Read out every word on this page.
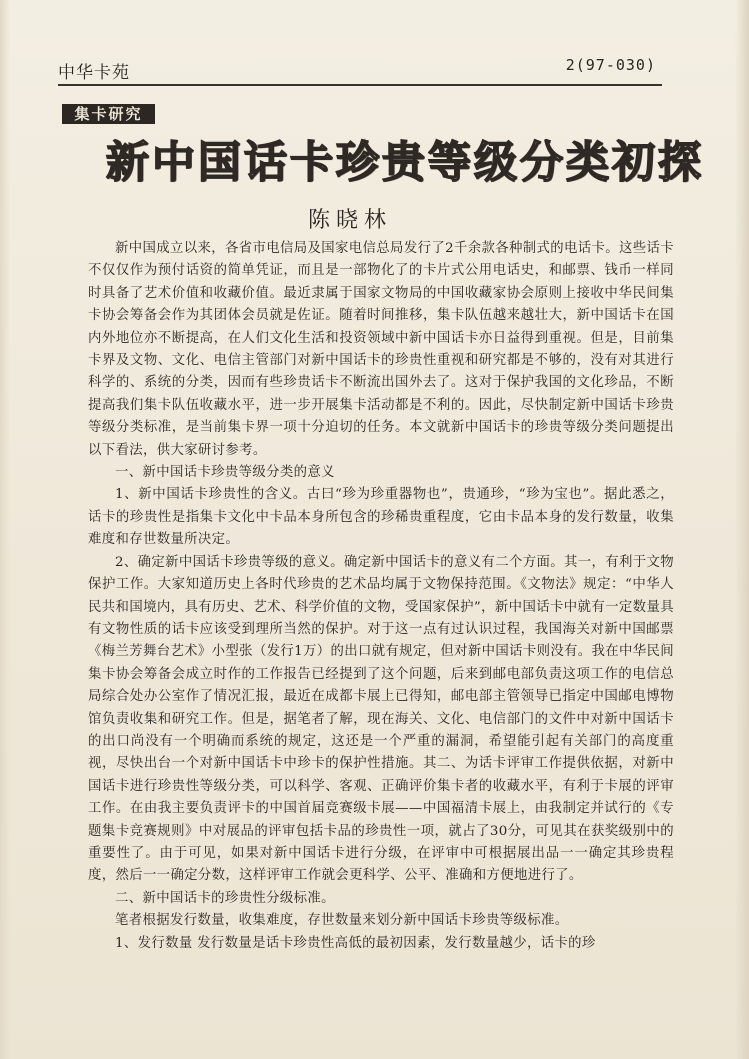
中华卡苑	2(97-030)
集卡研究
新中国话卡珍贵等级分类初探
陈晓林

新中国成立以来，各省市电信局及国家电信总局发行了2千余款各种制式的电话卡。这些话卡不仅仅作为预付话资的简单凭证，而且是一部物化了的卡片式公用电话史，和邮票、钱币一样同时具备了艺术价值和收藏价值。最近隶属于国家文物局的中国收藏家协会原则上接收中华民间集卡协会筹备会作为其团体会员就是佐证。随着时间推移，集卡队伍越来越壮大，新中国话卡在国内外地位亦不断提高，在人们文化生活和投资领域中新中国话卡亦日益得到重视。但是，目前集卡界及文物、文化、电信主管部门对新中国话卡的珍贵性重视和研究都是不够的，没有对其进行科学的、系统的分类，因而有些珍贵话卡不断流出国外去了。这对于保护我国的文化珍品，不断提高我们集卡队伍收藏水平，进一步开展集卡活动都是不利的。因此，尽快制定新中国话卡珍贵等级分类标准，是当前集卡界一项十分迫切的任务。本文就新中国话卡的珍贵等级分类问题提出以下看法，供大家研讨参考。

一、新中国话卡珍贵等级分类的意义

1、新中国话卡珍贵性的含义。古曰“珍为珍重器物也”，贵通珍，“珍为宝也”。据此悉之，话卡的珍贵性是指集卡文化中卡品本身所包含的珍稀贵重程度，它由卡品本身的发行数量，收集难度和存世数量所决定。

2、确定新中国话卡珍贵等级的意义。确定新中国话卡的意义有二个方面。其一，有利于文物保护工作。大家知道历史上各时代珍贵的艺术品均属于文物保持范围。《文物法》规定：“中华人民共和国境内，具有历史、艺术、科学价值的文物，受国家保护”，新中国话卡中就有一定数量具有文物性质的话卡应该受到理所当然的保护。对于这一点有过认识过程，我国海关对新中国邮票《梅兰芳舞台艺术》小型张（发行1万）的出口就有规定，但对新中国话卡则没有。我在中华民间集卡协会筹备会成立时作的工作报告已经提到了这个问题，后来到邮电部负责这项工作的电信总局综合处办公室作了情况汇报，最近在成都卡展上已得知，邮电部主管领导已指定中国邮电博物馆负责收集和研究工作。但是，据笔者了解，现在海关、文化、电信部门的文件中对新中国话卡的出口尚没有一个明确而系统的规定，这还是一个严重的漏洞，希望能引起有关部门的高度重视，尽快出台一个对新中国话卡中珍卡的保护性措施。其二、为话卡评审工作提供依据，对新中国话卡进行珍贵性等级分类，可以科学、客观、正确评价集卡者的收藏水平，有利于卡展的评审工作。在由我主要负责评卡的中国首届竞赛级卡展——中国福清卡展上，由我制定并试行的《专题集卡竞赛规则》中对展品的评审包括卡品的珍贵性一项，就占了30分，可见其在获奖级别中的重要性了。由于可见，如果对新中国话卡进行分级，在评审中可根据展出品一一确定其珍贵程度，然后一一确定分数，这样评审工作就会更科学、公平、准确和方便地进行了。

二、新中国话卡的珍贵性分级标准。

笔者根据发行数量，收集难度，存世数量来划分新中国话卡珍贵等级标准。

1、发行数量 发行数量是话卡珍贵性高低的最初因素，发行数量越少，话卡的珍
